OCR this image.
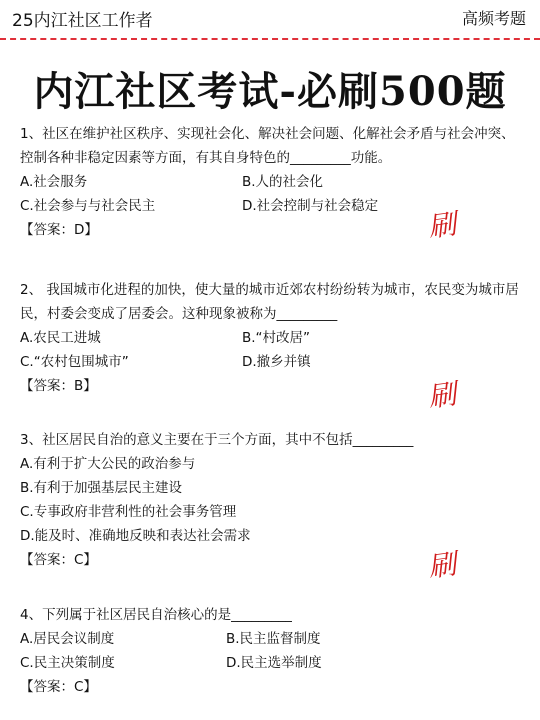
25内江社区工作者	高频考题
内江社区考试-必刷500题

1、社区在维护社区秩序、实现社会化、解决社会问题、化解社会矛盾与社会冲突、控制各种非稳定因素等方面，有其自身特色的_________功能。

A.社会服务	B.人的社会化
C.社会参与与社会民主	D.社会控制与社会稳定

【答案：D】

2、 我国城市化进程的加快，使大量的城市近郊农村纷纷转为城市，农民变为城市居民，村委会变成了居委会。这种现象被称为_________

A.农民工进城	B.“村改居”
C.“农村包围城市”	D.撤乡并镇

【答案：B】

3、社区居民自治的意义主要在于三个方面，其中不包括_________

A.有利于扩大公民的政治参与
B.有利于加强基层民主建设
C.专事政府非营利性的社会事务管理
D.能及时、准确地反映和表达社会需求

【答案：C】

4、下列属于社区居民自治核心的是_________

A.居民会议制度	B.民主监督制度
C.民主决策制度	D.民主选举制度

【答案：C】

刷
刷
刷
